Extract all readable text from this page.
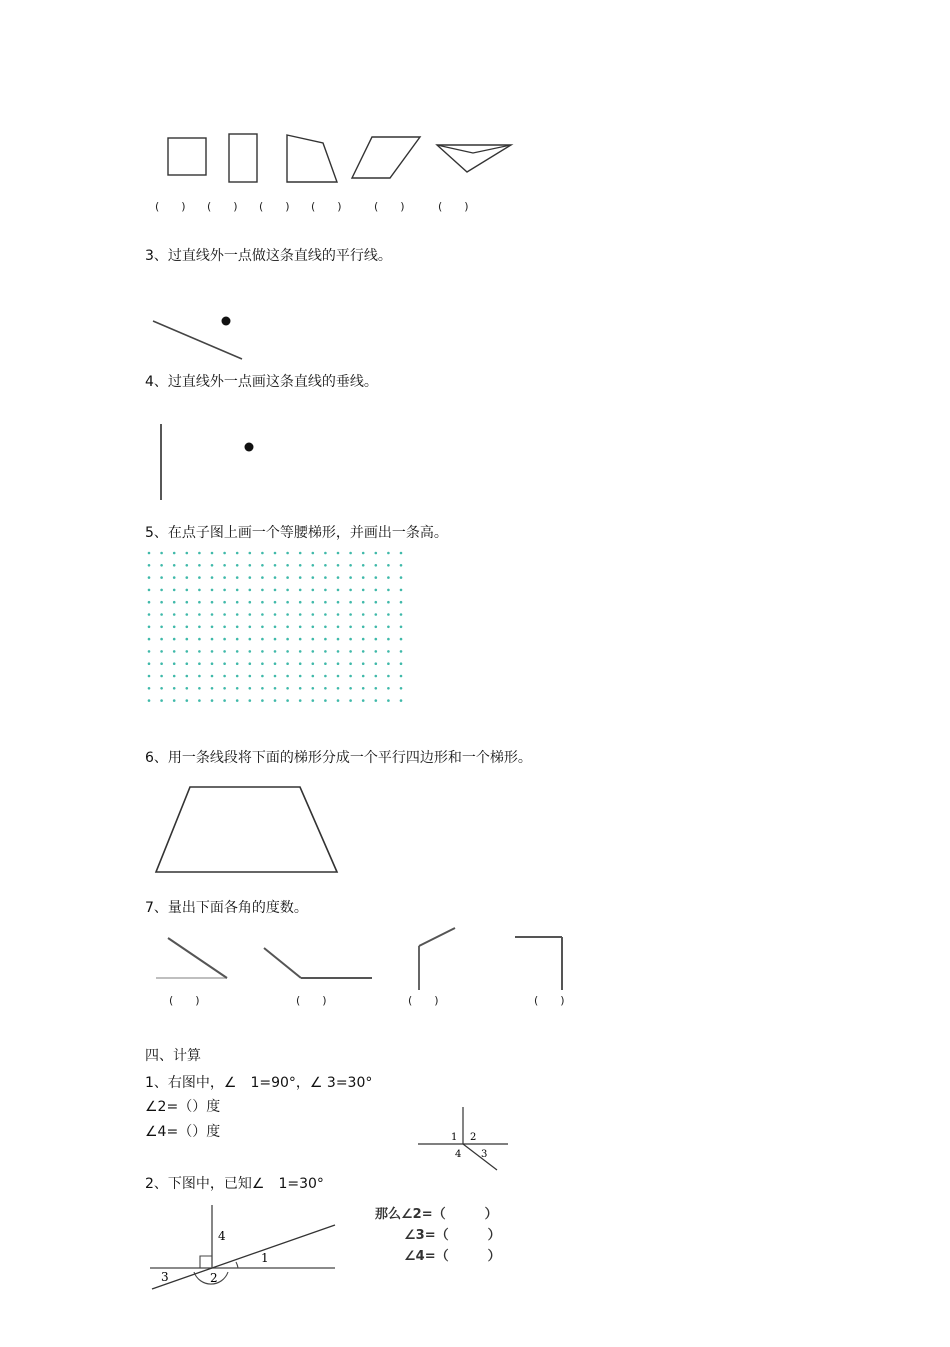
(　　) (　　) (　　) (　　)	(　　)	(　　)
3、过直线外一点做这条直线的平行线。
4、过直线外一点画这条直线的垂线。
5、在点子图上画一个等腰梯形，并画出一条高。
6、用一条线段将下面的梯形分成一个平行四边形和一个梯形。
7、量出下面各角的度数。
(　　)	(　　)	(　　)	(　　)
四、计算
1、右图中，∠　1=90°，∠ 3=30°
∠2=（）度
∠4=（）度	1 2
4 3
2、下图中，已知∠　1=30°
4
1
3	2
那么∠2=（　　　）
∠3=（　　　）
∠4=（　　　）
